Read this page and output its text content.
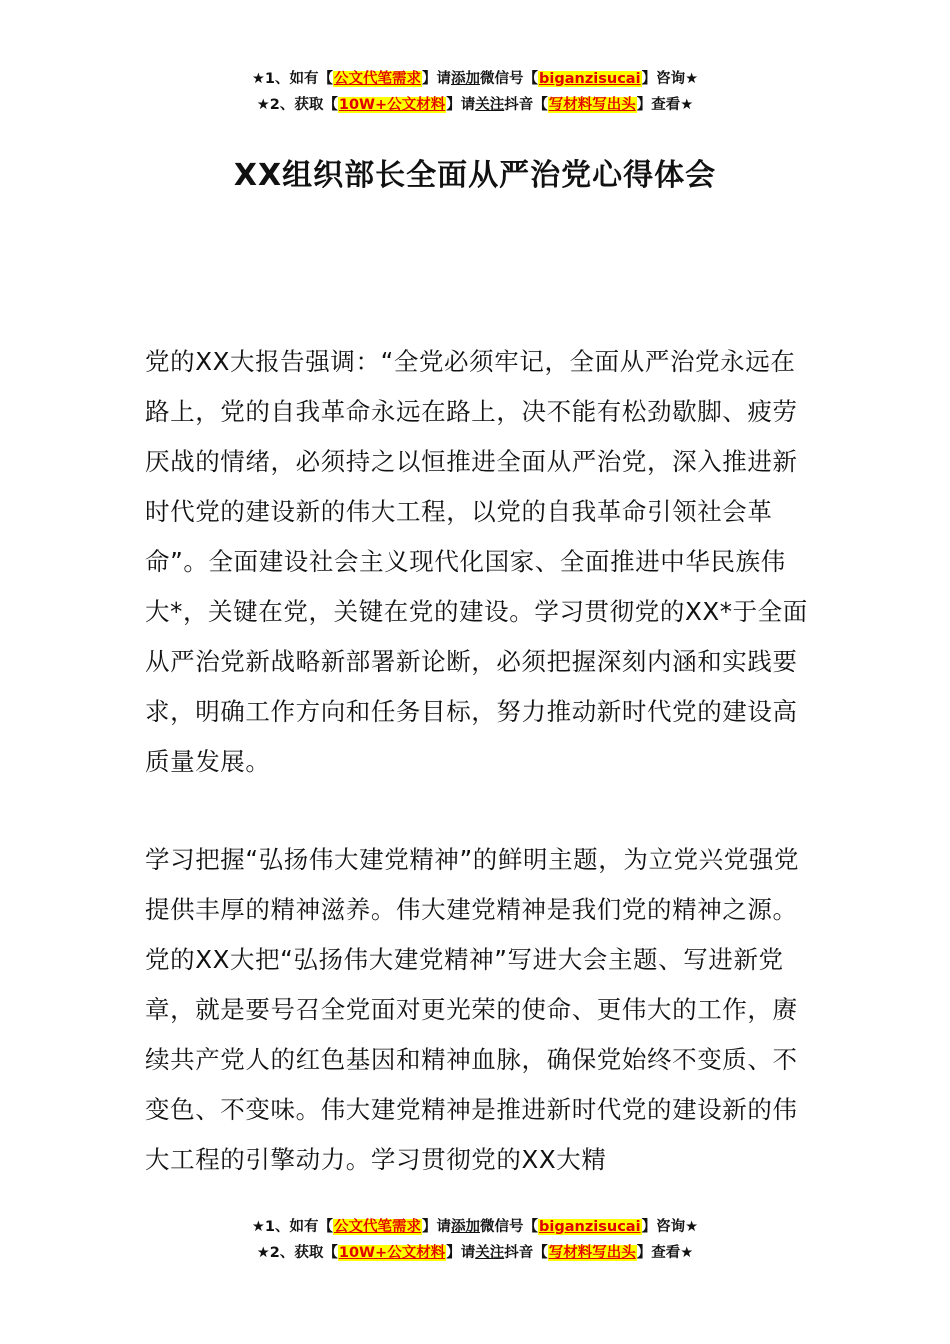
★1、如有【公文代笔需求】请添加微信号【biganzisucai】咨询★
★2、获取【10W+公文材料】请关注抖音【写材料写出头】查看★
XX组织部长全面从严治党心得体会

党的XX大报告强调：“全党必须牢记，全面从严治党永远在路上，党的自我革命永远在路上，决不能有松劲歇脚、疲劳厌战的情绪，必须持之以恒推进全面从严治党，深入推进新时代党的建设新的伟大工程，以党的自我革命引领社会革命”。全面建设社会主义现代化国家、全面推进中华民族伟大*，关键在党，关键在党的建设。学习贯彻党的XX*于全面从严治党新战略新部署新论断，必须把握深刻内涵和实践要求，明确工作方向和任务目标，努力推动新时代党的建设高质量发展。

学习把握“弘扬伟大建党精神”的鲜明主题，为立党兴党强党提供丰厚的精神滋养。伟大建党精神是我们党的精神之源。党的XX大把“弘扬伟大建党精神”写进大会主题、写进新党章，就是要号召全党面对更光荣的使命、更伟大的工作，赓续共产党人的红色基因和精神血脉，确保党始终不变质、不变色、不变味。伟大建党精神是推进新时代党的建设新的伟大工程的引擎动力。学习贯彻党的XX大精

★1、如有【公文代笔需求】请添加微信号【biganzisucai】咨询★
★2、获取【10W+公文材料】请关注抖音【写材料写出头】查看★
